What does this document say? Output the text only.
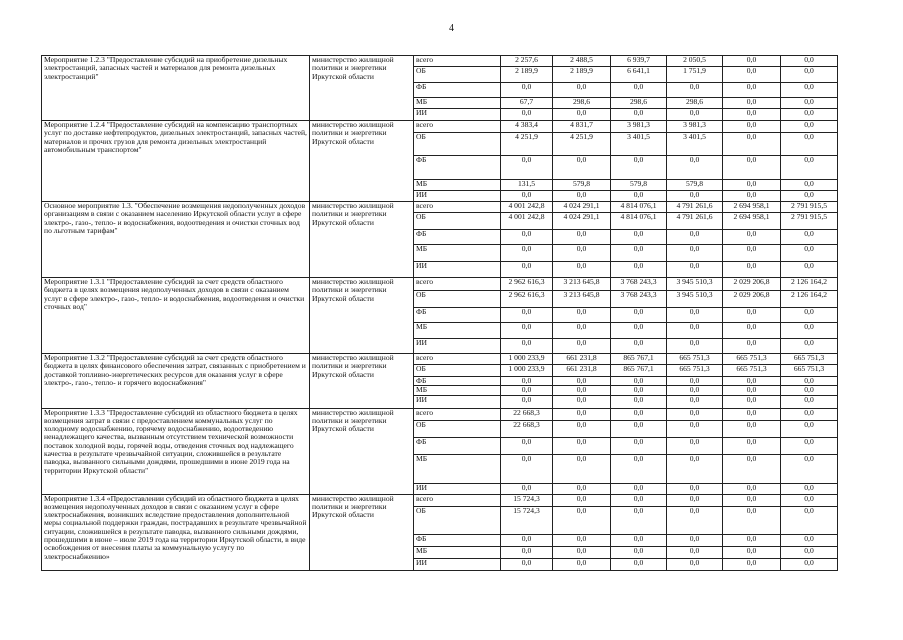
4
Мероприятие 1.2.3 "Предоставление субсидий на приобретение дизельных электростанций, запасных частей и материалов для ремонта дизельных электростанций"	министерство жилищной политики и энергетики Иркутской области	всего	2 257,6	2 488,5	6 939,7	2 050,5	0,0	0,0
		ОБ	2 189,9	2 189,9	6 641,1	1 751,9	0,0	0,0
		ФБ	0,0	0,0	0,0	0,0	0,0	0,0
		МБ	67,7	298,6	298,6	298,6	0,0	0,0
		ИИ	0,0	0,0	0,0	0,0	0,0	0,0
Мероприятие 1.2.4 "Предоставление субсидий на компенсацию транспортных услуг по доставке нефтепродуктов, дизельных электростанций, запасных частей, материалов и прочих грузов для ремонта дизельных электростанций автомобильным транспортом"	министерство жилищной политики и энергетики Иркутской области	всего	4 383,4	4 831,7	3 981,3	3 981,3	0,0	0,0
		ОБ	4 251,9	4 251,9	3 401,5	3 401,5	0,0	0,0
		ФБ	0,0	0,0	0,0	0,0	0,0	0,0
		МБ	131,5	579,8	579,8	579,8	0,0	0,0
		ИИ	0,0	0,0	0,0	0,0	0,0	0,0
Основное мероприятие 1.3. "Обеспечение возмещения недополученных доходов организациям в связи с оказанием населению Иркутской области услуг в сфере электро-, газо-, тепло- и водоснабжения, водоотведения и очистки сточных вод по льготным тарифам"	министерство жилищной политики и энергетики Иркутской области	всего	4 001 242,8	4 024 291,1	4 814 076,1	4 791 261,6	2 694 958,1	2 791 915,5
		ОБ	4 001 242,8	4 024 291,1	4 814 076,1	4 791 261,6	2 694 958,1	2 791 915,5
		ФБ	0,0	0,0	0,0	0,0	0,0	0,0
		МБ	0,0	0,0	0,0	0,0	0,0	0,0
		ИИ	0,0	0,0	0,0	0,0	0,0	0,0
Мероприятие 1.3.1 "Предоставление субсидий за счет средств областного бюджета в целях возмещения недополученных доходов в связи с оказанием услуг в сфере электро-, газо-, тепло- и водоснабжения, водоотведения и очистки сточных вод"	министерство жилищной политики и энергетики Иркутской области	всего	2 962 616,3	3 213 645,8	3 768 243,3	3 945 510,3	2 029 206,8	2 126 164,2
		ОБ	2 962 616,3	3 213 645,8	3 768 243,3	3 945 510,3	2 029 206,8	2 126 164,2
		ФБ	0,0	0,0	0,0	0,0	0,0	0,0
		МБ	0,0	0,0	0,0	0,0	0,0	0,0
		ИИ	0,0	0,0	0,0	0,0	0,0	0,0
Мероприятие 1.3.2 "Предоставление субсидий за счет средств областного бюджета в целях финансового обеспечения затрат, связанных с приобретением и доставкой топливно-энергетических ресурсов для оказания услуг в сфере электро-, газо-, тепло- и горячего водоснабжения"	министерство жилищной политики и энергетики Иркутской области	всего	1 000 233,9	661 231,8	865 767,1	665 751,3	665 751,3	665 751,3
		ОБ	1 000 233,9	661 231,8	865 767,1	665 751,3	665 751,3	665 751,3
		ФБ	0,0	0,0	0,0	0,0	0,0	0,0
		МБ	0,0	0,0	0,0	0,0	0,0	0,0
		ИИ	0,0	0,0	0,0	0,0	0,0	0,0
Мероприятие 1.3.3 "Предоставление субсидий из областного бюджета в целях возмещения затрат в связи с предоставлением коммунальных услуг по холодному водоснабжению, горячему водоснабжению, водоотведению ненадлежащего качества, вызванным отсутствием технической возможности поставок холодной воды, горячей воды, отведения сточных вод надлежащего качества в результате чрезвычайной ситуации, сложившейся в результате паводка, вызванного сильными дождями, прошедшими в июне 2019 года на территории Иркутской области"	министерство жилищной политики и энергетики Иркутской области	всего	22 668,3	0,0	0,0	0,0	0,0	0,0
		ОБ	22 668,3	0,0	0,0	0,0	0,0	0,0
		ФБ	0,0	0,0	0,0	0,0	0,0	0,0
		МБ	0,0	0,0	0,0	0,0	0,0	0,0
		ИИ	0,0	0,0	0,0	0,0	0,0	0,0
Мероприятие 1.3.4 «Предоставлении субсидий из областного бюджета в целях возмещения недополученных доходов в связи с оказанием услуг в сфере электроснабжения, возникших вследствие предоставления дополнительной меры социальной поддержки граждан, пострадавших в результате чрезвычайной ситуации, сложившейся в результате паводка, вызванного сильными дождями, прошедшими в июне – июле 2019 года на территории Иркутской области, в виде освобождения от внесения платы за коммунальную услугу по электроснабжению»	министерство жилищной политики и энергетики Иркутской области	всего	15 724,3	0,0	0,0	0,0	0,0	0,0
		ОБ	15 724,3	0,0	0,0	0,0	0,0	0,0
		ФБ	0,0	0,0	0,0	0,0	0,0	0,0
		МБ	0,0	0,0	0,0	0,0	0,0	0,0
		ИИ	0,0	0,0	0,0	0,0	0,0	0,0
